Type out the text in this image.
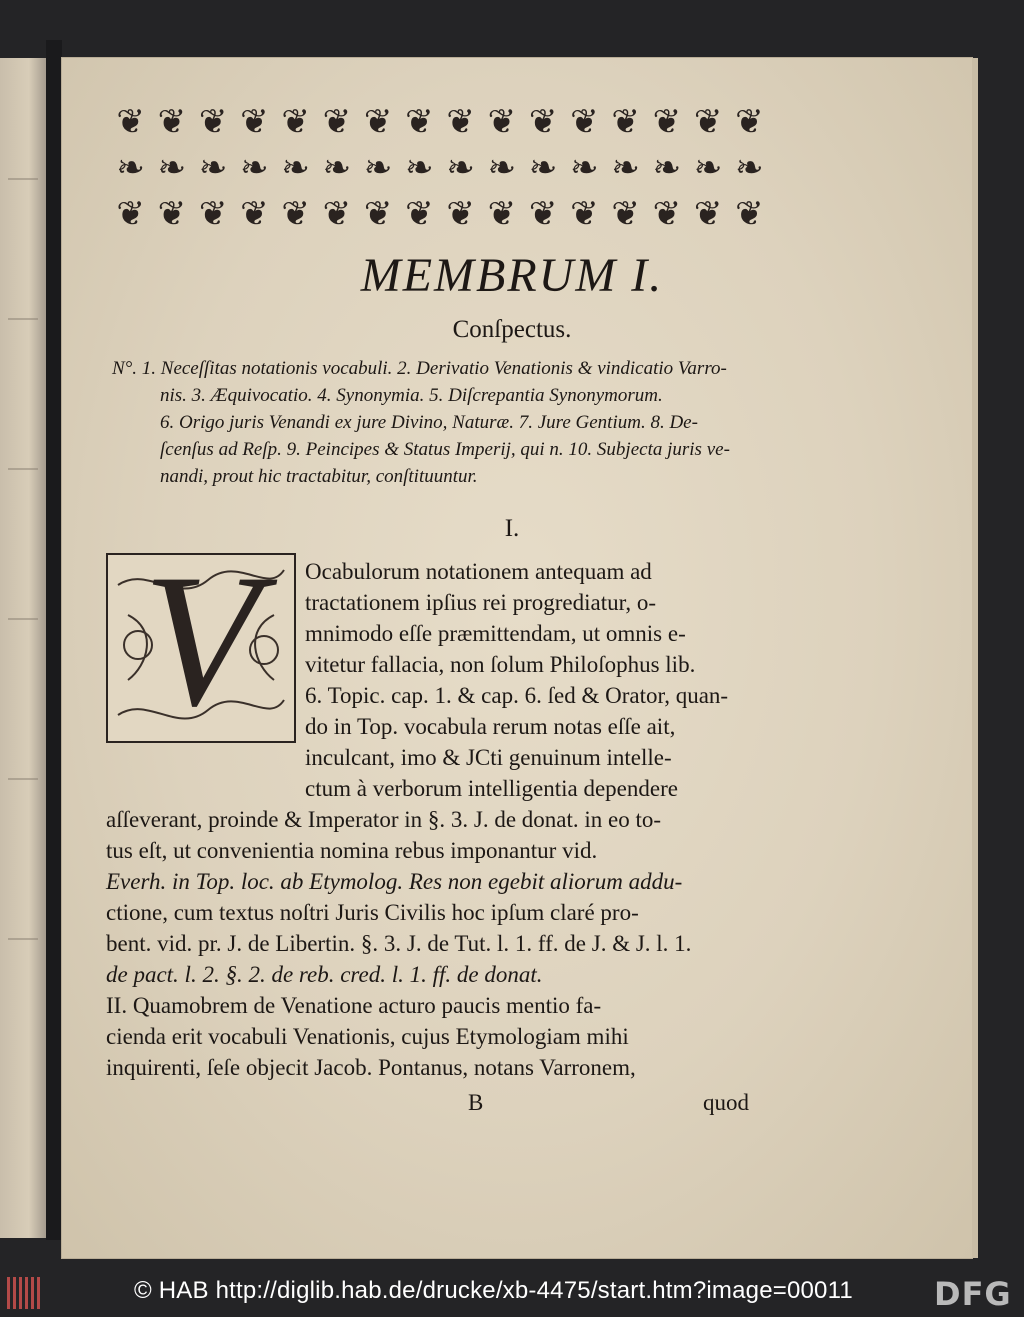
❦ ❦ ❦ ❦ ❦ ❦ ❦ ❦ ❦ ❦ ❦ ❦ ❦ ❦ ❦ ❦
❧ ❧ ❧ ❧ ❧ ❧ ❧ ❧ ❧ ❧ ❧ ❧ ❧ ❧ ❧ ❧
❦ ❦ ❦ ❦ ❦ ❦ ❦ ❦ ❦ ❦ ❦ ❦ ❦ ❦ ❦ ❦
MEMBRUM I.
Conſpectus.

N°. 1. Neceſſitas notationis vocabuli. 2. Derivatio Venationis & vindicatio Varro-

nis. 3. Æquivocatio. 4. Synonymia. 5. Diſcrepantia Synonymorum.

6. Origo juris Venandi ex jure Divino, Naturæ. 7. Jure Gentium. 8. De-

ſcenſus ad Reſp. 9. Peincipes & Status Imperij, qui n. 10. Subjecta juris ve-

nandi, prout hic tractabitur, conſtituuntur.

I.
V	Ocabulorum notationem antequam ad
tractationem ipſius rei progrediatur, o-
mnimodo eſſe præmittendam, ut omnis e-
vitetur fallacia, non ſolum Philoſophus lib.
6. Topic. cap. 1. & cap. 6. ſed & Orator, quan-
do in Top. vocabula rerum notas eſſe ait,
inculcant, imo & JCti genuinum intelle-
ctum à verborum intelligentia dependere
aſſeverant, proinde & Imperator in §. 3. J. de donat. in eo to-
tus eſt, ut convenientia nomina rebus imponantur vid.
Everh. in Top. loc. ab Etymolog. Res non egebit aliorum addu-
ctione, cum textus noſtri Juris Civilis hoc ipſum claré pro-
bent. vid. pr. J. de Libertin. §. 3. J. de Tut. l. 1. ff. de J. & J. l. 1.
de pact. l. 2. §. 2. de reb. cred. l. 1. ff. de donat.
II. Quamobrem de Venatione acturo paucis mentio fa-
cienda erit vocabuli Venationis, cujus Etymologiam mihi
inquirenti, ſeſe objecit Jacob. Pontanus, notans Varronem,
B	quod
© HAB http://diglib.hab.de/drucke/xb-4475/start.htm?image=00011	DFG
